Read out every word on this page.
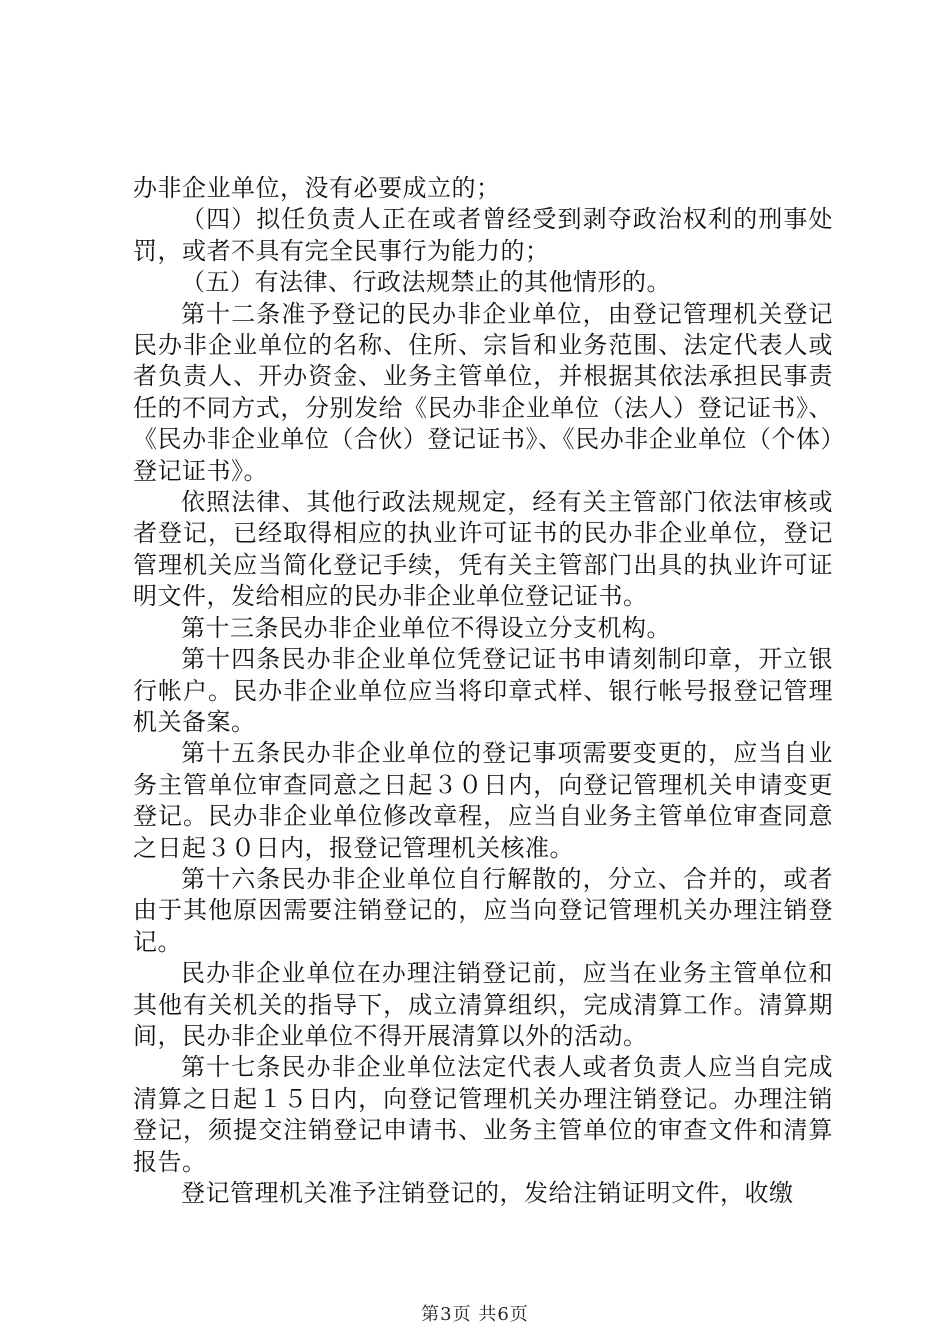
办非企业单位，没有必要成立的；

（四）拟任负责人正在或者曾经受到剥夺政治权利的刑事处罚，或者不具有完全民事行为能力的；

（五）有法律、行政法规禁止的其他情形的。

第十二条准予登记的民办非企业单位，由登记管理机关登记民办非企业单位的名称、住所、宗旨和业务范围、法定代表人或者负责人、开办资金、业务主管单位，并根据其依法承担民事责任的不同方式，分别发给《民办非企业单位（法人）登记证书》、《民办非企业单位（合伙）登记证书》、《民办非企业单位（个体）登记证书》。

依照法律、其他行政法规规定，经有关主管部门依法审核或者登记，已经取得相应的执业许可证书的民办非企业单位，登记管理机关应当简化登记手续，凭有关主管部门出具的执业许可证明文件，发给相应的民办非企业单位登记证书。

第十三条民办非企业单位不得设立分支机构。

第十四条民办非企业单位凭登记证书申请刻制印章，开立银行帐户。民办非企业单位应当将印章式样、银行帐号报登记管理机关备案。

第十五条民办非企业单位的登记事项需要变更的，应当自业务主管单位审查同意之日起３０日内，向登记管理机关申请变更登记。民办非企业单位修改章程，应当自业务主管单位审查同意之日起３０日内，报登记管理机关核准。

第十六条民办非企业单位自行解散的，分立、合并的，或者由于其他原因需要注销登记的，应当向登记管理机关办理注销登记。

民办非企业单位在办理注销登记前，应当在业务主管单位和其他有关机关的指导下，成立清算组织，完成清算工作。清算期间，民办非企业单位不得开展清算以外的活动。

第十七条民办非企业单位法定代表人或者负责人应当自完成清算之日起１５日内，向登记管理机关办理注销登记。办理注销登记，须提交注销登记申请书、业务主管单位的审查文件和清算报告。

登记管理机关准予注销登记的，发给注销证明文件，收缴

第3页 共6页
